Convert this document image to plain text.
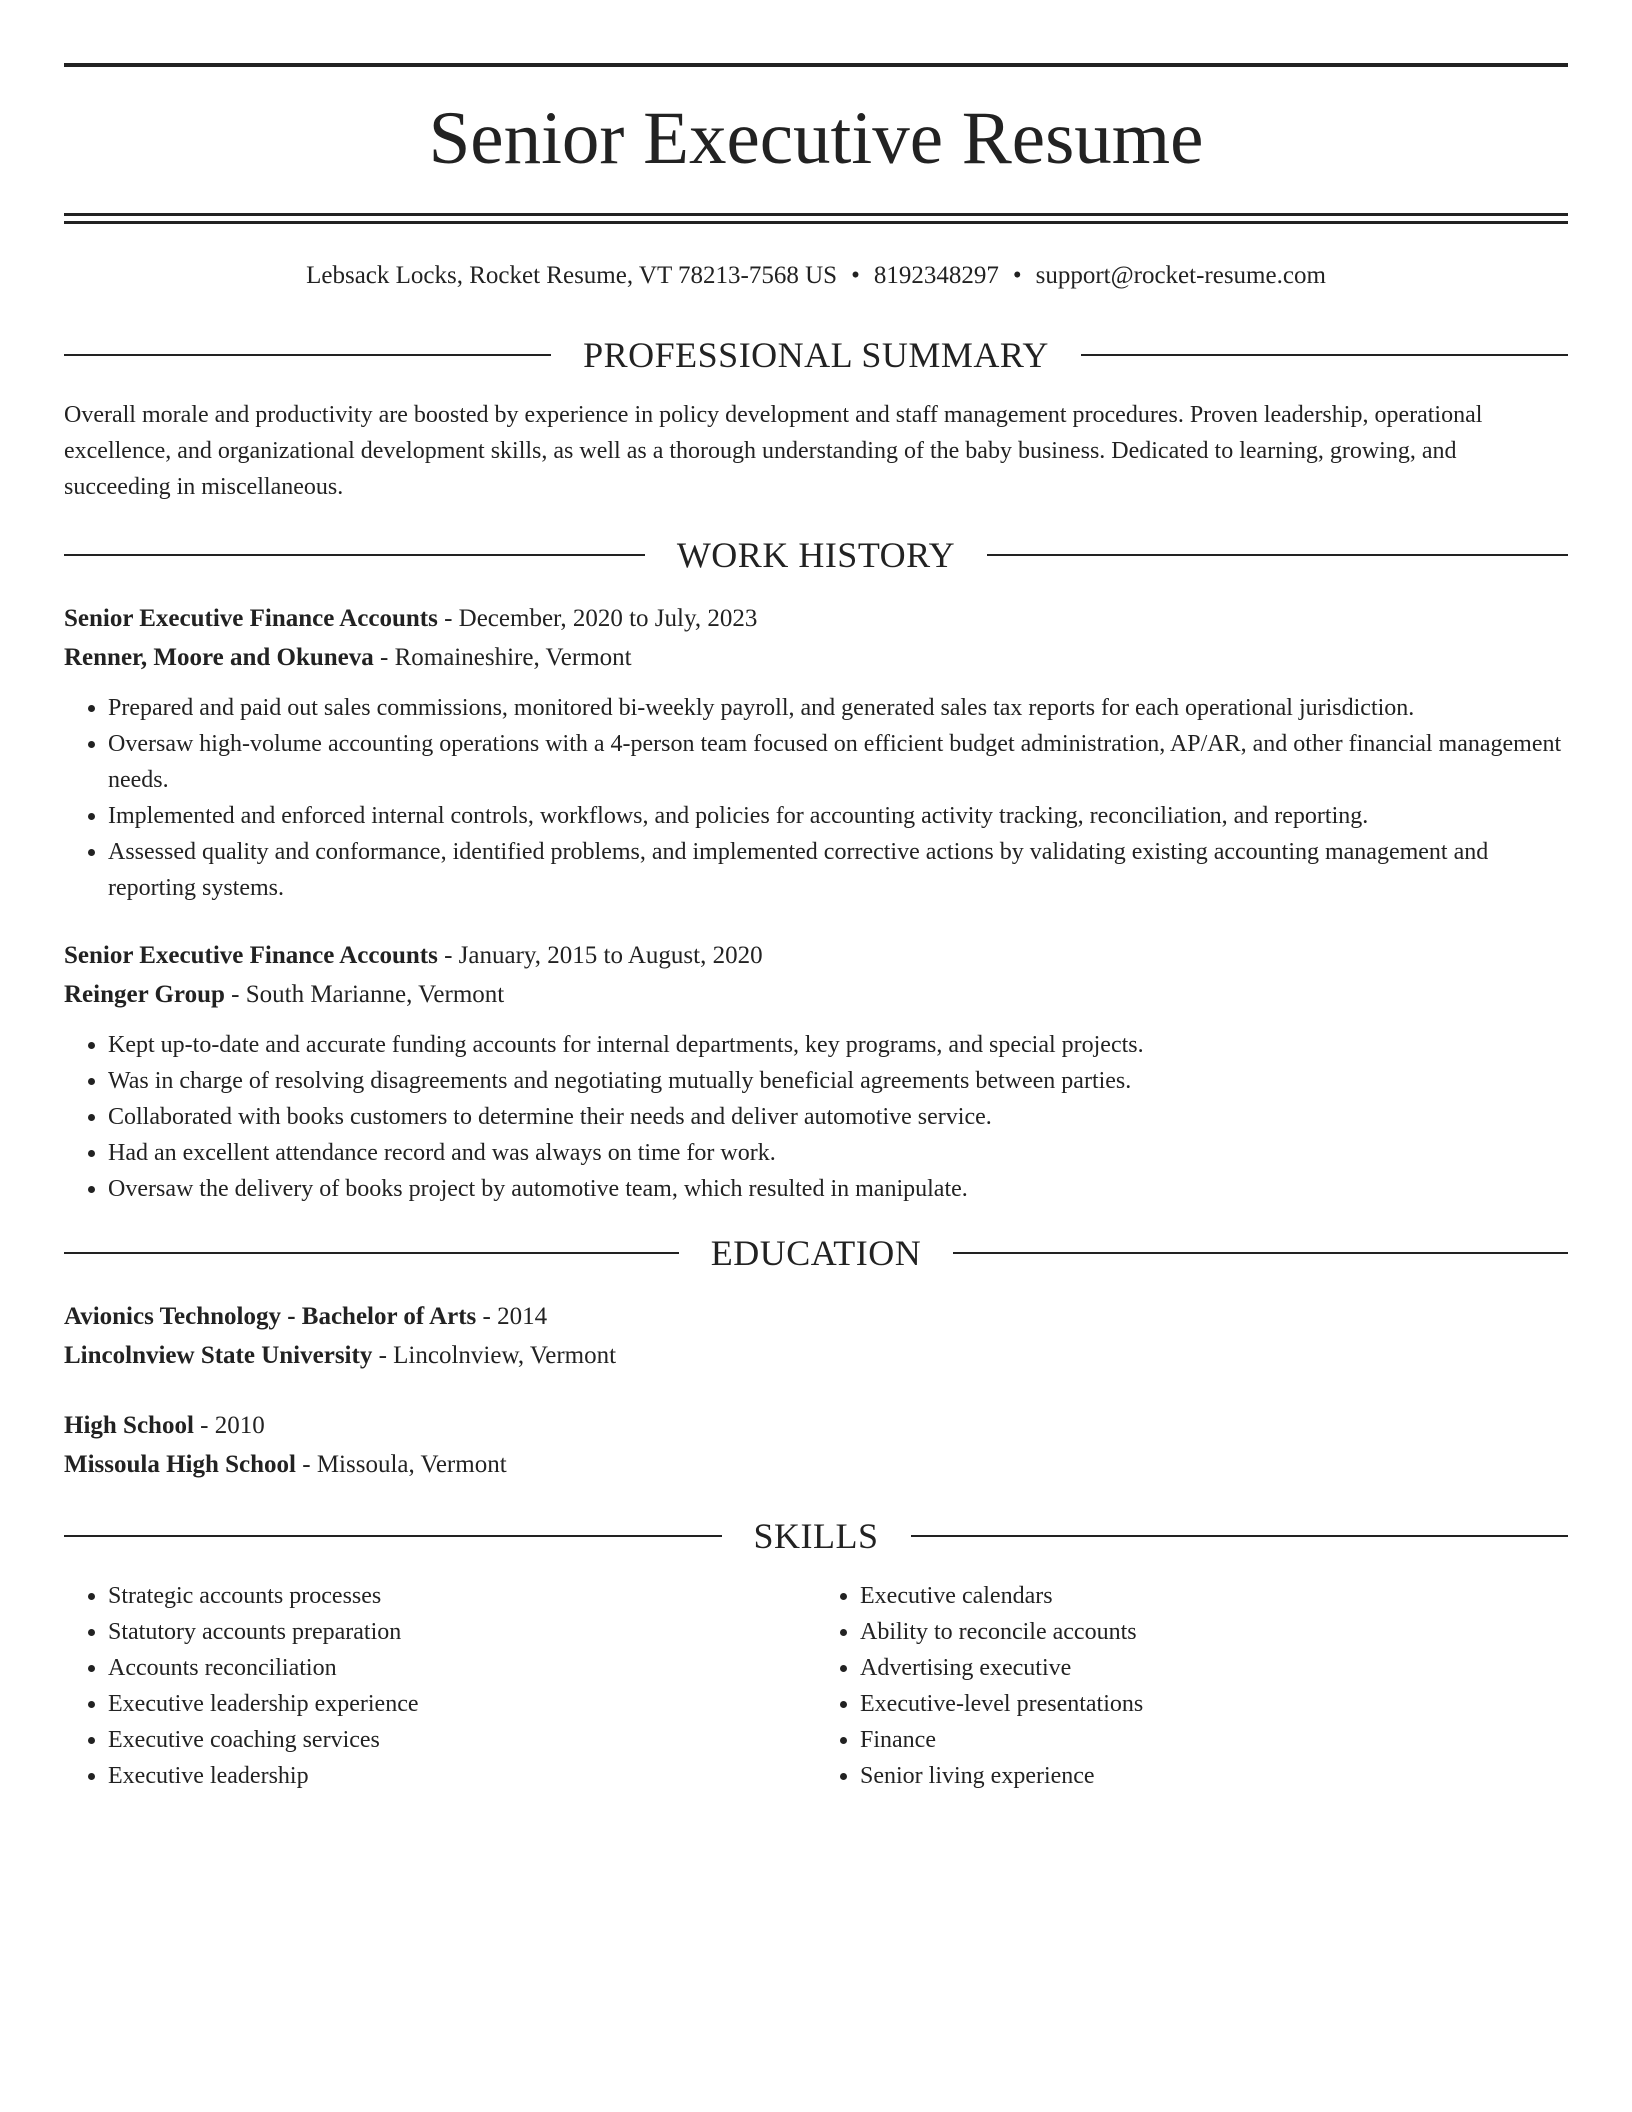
Senior Executive Resume
Lebsack Locks, Rocket Resume, VT 78213-7568 US • 8192348297 • support@rocket-resume.com
PROFESSIONAL SUMMARY
Overall morale and productivity are boosted by experience in policy development and staff management procedures. Proven leadership, operational excellence, and organizational development skills, as well as a thorough understanding of the baby business. Dedicated to learning, growing, and succeeding in miscellaneous.
WORK HISTORY
Senior Executive Finance Accounts - December, 2020 to July, 2023
Renner, Moore and Okuneva - Romaineshire, Vermont
• Prepared and paid out sales commissions, monitored bi-weekly payroll, and generated sales tax reports for each operational jurisdiction.
• Oversaw high-volume accounting operations with a 4-person team focused on efficient budget administration, AP/AR, and other financial management needs.
• Implemented and enforced internal controls, workflows, and policies for accounting activity tracking, reconciliation, and reporting.
• Assessed quality and conformance, identified problems, and implemented corrective actions by validating existing accounting management and reporting systems.
Senior Executive Finance Accounts - January, 2015 to August, 2020
Reinger Group - South Marianne, Vermont
• Kept up-to-date and accurate funding accounts for internal departments, key programs, and special projects.
• Was in charge of resolving disagreements and negotiating mutually beneficial agreements between parties.
• Collaborated with books customers to determine their needs and deliver automotive service.
• Had an excellent attendance record and was always on time for work.
• Oversaw the delivery of books project by automotive team, which resulted in manipulate.
EDUCATION
Avionics Technology - Bachelor of Arts - 2014
Lincolnview State University - Lincolnview, Vermont
High School - 2010
Missoula High School - Missoula, Vermont
SKILLS
• Strategic accounts processes
• Statutory accounts preparation
• Accounts reconciliation
• Executive leadership experience
• Executive coaching services
• Executive leadership
• Executive calendars
• Ability to reconcile accounts
• Advertising executive
• Executive-level presentations
• Finance
• Senior living experience
